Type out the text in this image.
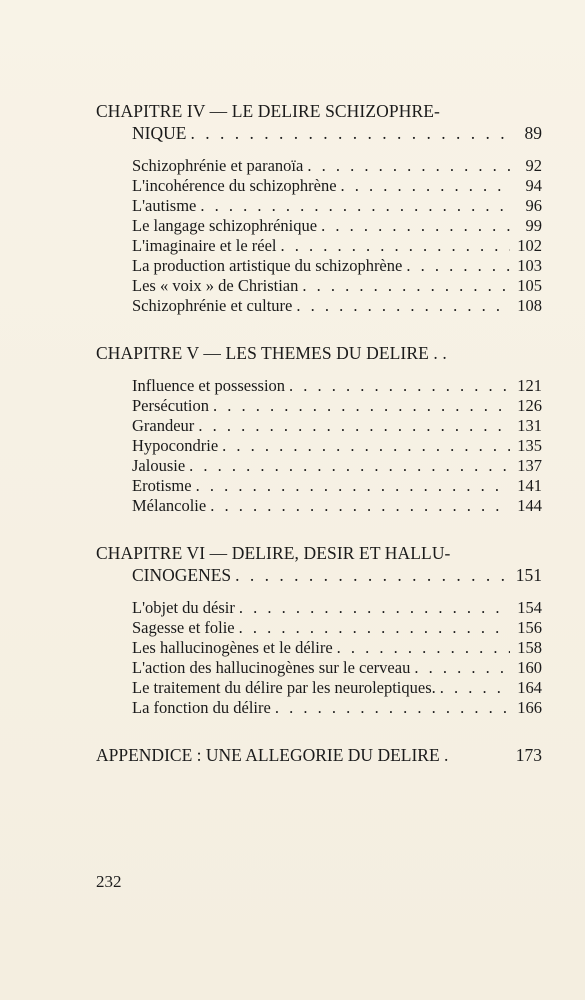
CHAPITRE IV — LE DELIRE SCHIZOPHRE-
NIQUE . . .	89
Schizophrénie et paranoïa . . .	92
L'incohérence du schizophrène . . .	94
L'autisme . . .	96
Le langage schizophrénique . . .	99
L'imaginaire et le réel . . .	102
La production artistique du schizophrène . . .	103
Les « voix » de Christian . . .	105
Schizophrénie et culture . . .	108
CHAPITRE V — LES THEMES DU DELIRE . .
Influence et possession . . .	121
Persécution . . .	126
Grandeur . . .	131
Hypocondrie . . .	135
Jalousie . . .	137
Erotisme . . .	141
Mélancolie . . .	144
CHAPITRE VI — DELIRE, DESIR ET HALLU-
CINOGENES . . .	151
L'objet du désir . . .	154
Sagesse et folie . . .	156
Les hallucinogènes et le délire . . .	158
L'action des hallucinogènes sur le cerveau . . .	160
Le traitement du délire par les neuroleptiques. . . .	164
La fonction du délire . . .	166
APPENDICE : UNE ALLEGORIE DU DELIRE .	173
232
